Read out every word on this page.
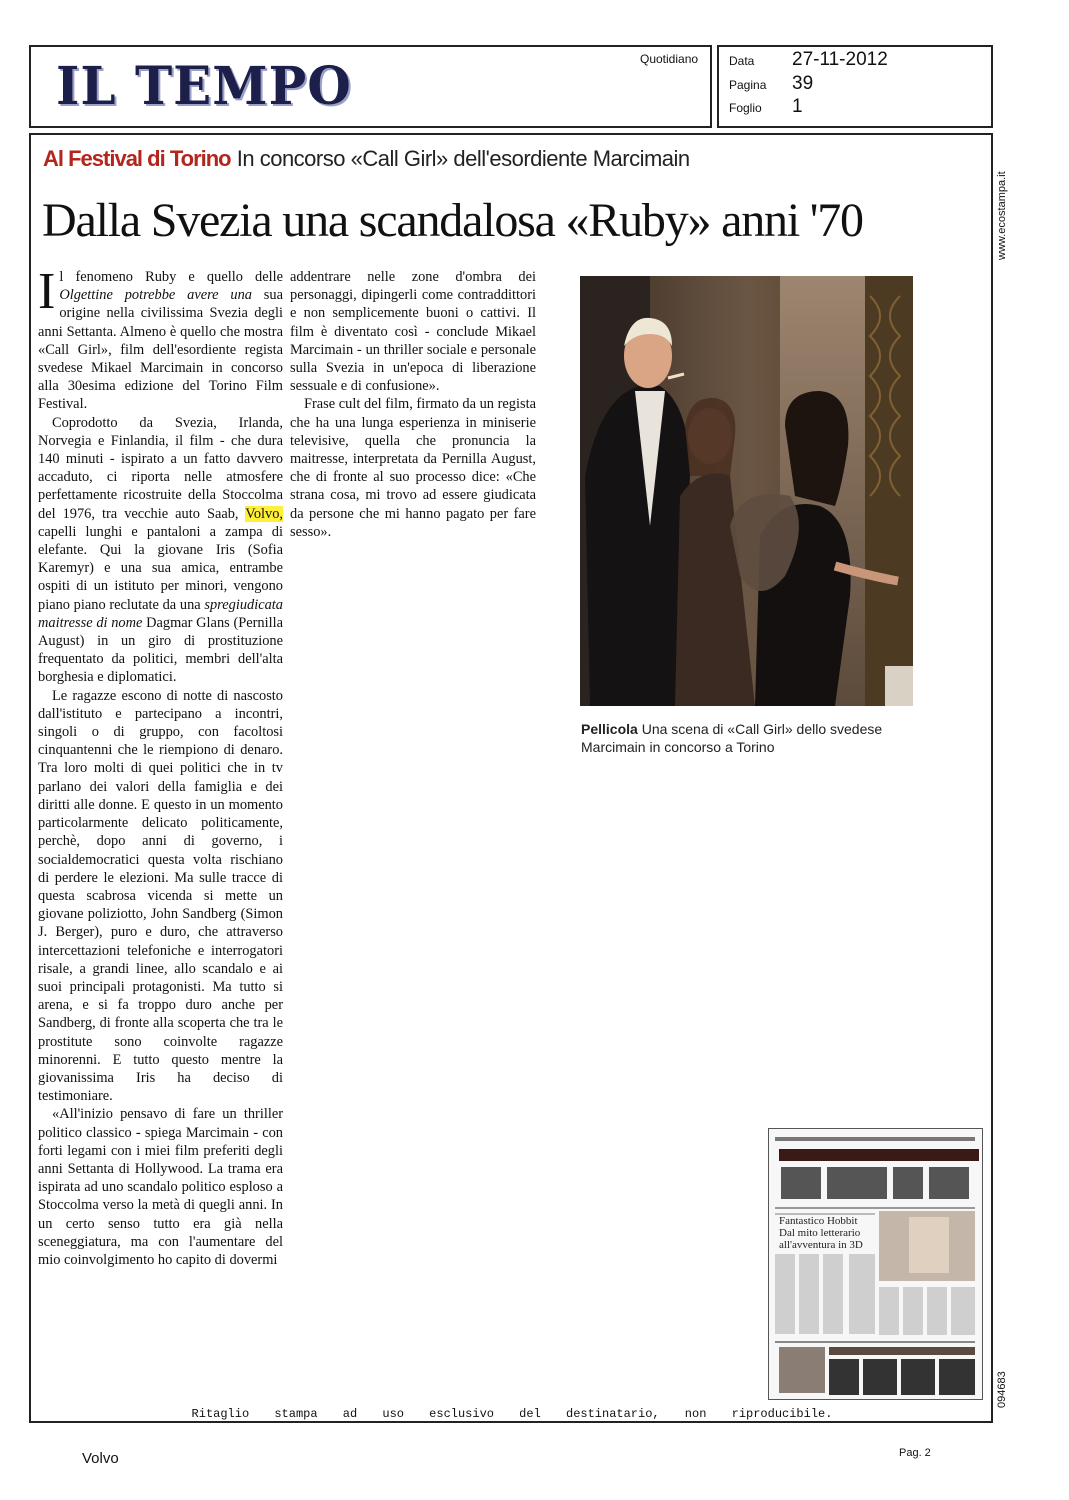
IL TEMPO	Quotidiano	Data 27-11-2012
Pagina 39
Foglio 1
www.ecostampa.it
094683
Al Festival di Torino In concorso «Call Girl» dell'esordiente Marcimain
Dalla Svezia una scandalosa «Ruby» anni '70

Il fenomeno Ruby e quello delle Olgettine potrebbe avere una sua origine nella civilissima Svezia degli anni Settanta. Almeno è quello che mostra «Call Girl», film dell'esordiente regista svedese Mikael Marcimain in concorso alla 30esima edizione del Torino Film Festival.

Coprodotto da Svezia, Irlanda, Norvegia e Finlandia, il film - che dura 140 minuti - ispirato a un fatto davvero accaduto, ci riporta nelle atmosfere perfettamente ricostruite della Stoccolma del 1976, tra vecchie auto Saab, Volvo, capelli lunghi e pantaloni a zampa di elefante. Qui la giovane Iris (Sofia Karemyr) e una sua amica, entrambe ospiti di un istituto per minori, vengono piano piano reclutate da una spregiudicata maitresse di nome Dagmar Glans (Pernilla August) in un giro di prostituzione frequentato da politici, membri dell'alta borghesia e diplomatici.

Le ragazze escono di notte di nascosto dall'istituto e partecipano a incontri, singoli o di gruppo, con facoltosi cinquantenni che le riempiono di denaro. Tra loro molti di quei politici che in tv parlano dei valori della famiglia e dei diritti alle donne. E questo in un momento particolarmente delicato politicamente, perchè, dopo anni di governo, i socialdemocratici questa volta rischiano di perdere le elezioni. Ma sulle tracce di questa scabrosa vicenda si mette un giovane poliziotto, John Sandberg (Simon J. Berger), puro e duro, che attraverso intercettazioni telefoniche e interrogatori risale, a grandi linee, allo scandalo e ai suoi principali protagonisti. Ma tutto si arena, e si fa troppo duro anche per Sandberg, di fronte alla scoperta che tra le prostitute sono coinvolte ragazze minorenni. E tutto questo mentre la giovanissima Iris ha deciso di testimoniare.

«All'inizio pensavo di fare un thriller politico classico - spiega Marcimain - con forti legami con i miei film preferiti degli anni Settanta di Hollywood. La trama era ispirata ad uno scandalo politico esploso a Stoccolma verso la metà di quegli anni. In un certo senso tutto era già nella sceneggiatura, ma con l'aumentare del mio coinvolgimento ho capito di dovermi

addentrare nelle zone d'ombra dei personaggi, dipingerli come contraddittori e non semplicemente buoni o cattivi. Il film è diventato così - conclude Mikael Marcimain - un thriller sociale e personale sulla Svezia in un'epoca di liberazione sessuale e di confusione».

Frase cult del film, firmato da un regista che ha una lunga esperienza in miniserie televisive, quella che pronuncia la maitresse, interpretata da Pernilla August, che di fronte al suo processo dice: «Che strana cosa, mi trovo ad essere giudicata da persone che mi hanno pagato per fare sesso».

Pellicola Una scena di «Call Girl» dello svedese Marcimain in concorso a Torino
Fantastico Hobbit Dal mito letterario all'avventura in 3D
Ritaglio stampa ad uso esclusivo del destinatario, non riproducibile.
Volvo	Pag. 2
